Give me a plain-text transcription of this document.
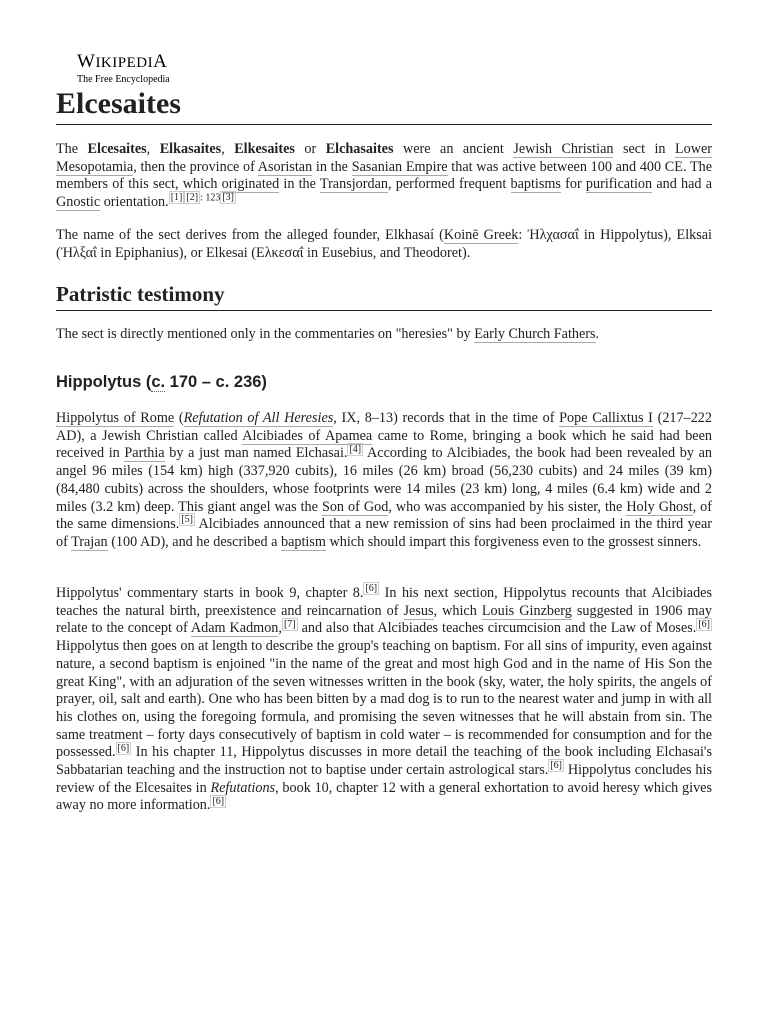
WIKIPEDIA
The Free Encyclopedia
Elcesaites

The Elcesaites, Elkasaites, Elkesaites or Elchasaites were an ancient Jewish Christian sect in Lower Mesopotamia, then the province of Asoristan in the Sasanian Empire that was active between 100 and 400 CE. The members of this sect, which originated in the Transjordan, performed frequent baptisms for purification and had a Gnostic orientation. [1] [2] : 123 [3]

The name of the sect derives from the alleged founder, Elkhasaí (Koinē Greek: Ἠλχασαΐ in Hippolytus), Elksai (Ἠλξαΐ in Epiphanius), or Elkesai (Ελκεσαΐ in Eusebius, and Theodoret).

Patristic testimony

The sect is directly mentioned only in the commentaries on "heresies" by Early Church Fathers.

Hippolytus (c. 170 – c. 236)

Hippolytus of Rome (Refutation of All Heresies, IX, 8–13) records that in the time of Pope Callixtus I (217–222 AD), a Jewish Christian called Alcibiades of Apamea came to Rome, bringing a book which he said had been received in Parthia by a just man named Elchasai. [4] According to Alcibiades, the book had been revealed by an angel 96 miles (154 km) high (337,920 cubits), 16 miles (26 km) broad (56,230 cubits) and 24 miles (39 km) (84,480 cubits) across the shoulders, whose footprints were 14 miles (23 km) long, 4 miles (6.4 km) wide and 2 miles (3.2 km) deep. This giant angel was the Son of God, who was accompanied by his sister, the Holy Ghost, of the same dimensions. [5] Alcibiades announced that a new remission of sins had been proclaimed in the third year of Trajan (100 AD), and he described a baptism which should impart this forgiveness even to the grossest sinners.

Hippolytus' commentary starts in book 9, chapter 8. [6] In his next section, Hippolytus recounts that Alcibiades teaches the natural birth, preexistence and reincarnation of Jesus, which Louis Ginzberg suggested in 1906 may relate to the concept of Adam Kadmon, [7] and also that Alcibiades teaches circumcision and the Law of Moses. [6] Hippolytus then goes on at length to describe the group's teaching on baptism. For all sins of impurity, even against nature, a second baptism is enjoined "in the name of the great and most high God and in the name of His Son the great King", with an adjuration of the seven witnesses written in the book (sky, water, the holy spirits, the angels of prayer, oil, salt and earth). One who has been bitten by a mad dog is to run to the nearest water and jump in with all his clothes on, using the foregoing formula, and promising the seven witnesses that he will abstain from sin. The same treatment – forty days consecutively of baptism in cold water – is recommended for consumption and for the possessed. [6] In his chapter 11, Hippolytus discusses in more detail the teaching of the book including Elchasai's Sabbatarian teaching and the instruction not to baptise under certain astrological stars. [6] Hippolytus concludes his review of the Elcesaites in Refutations, book 10, chapter 12 with a general exhortation to avoid heresy which gives away no more information. [6]
